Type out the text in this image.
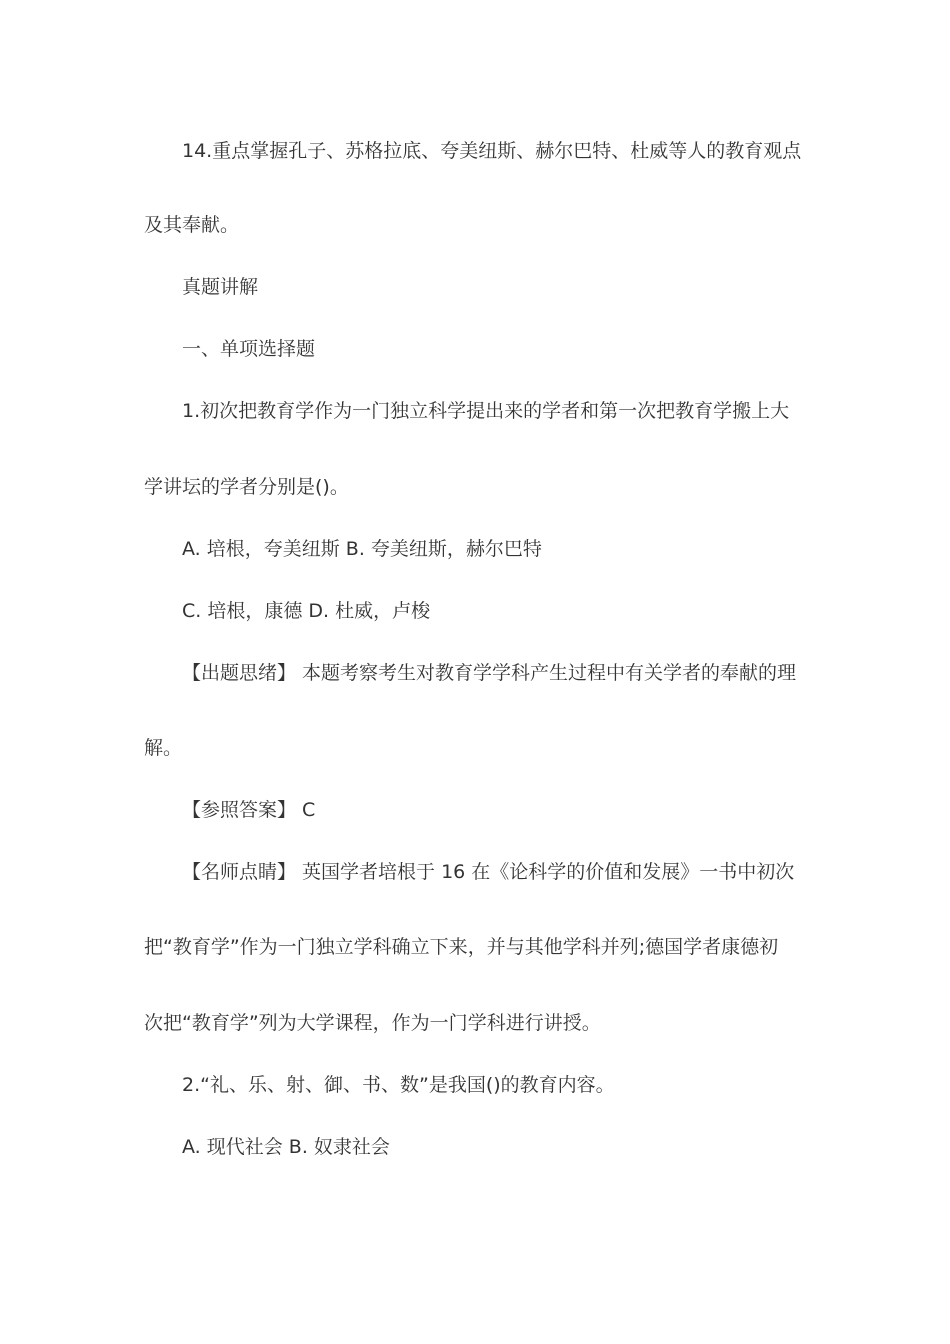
14.重点掌握孔子、苏格拉底、夸美纽斯、赫尔巴特、杜威等人的教育观点
及其奉献。
真题讲解
一、单项选择题
1.初次把教育学作为一门独立科学提出来的学者和第一次把教育学搬上大
学讲坛的学者分别是()。
A. 培根，夸美纽斯 B. 夸美纽斯，赫尔巴特
C. 培根，康德 D. 杜威，卢梭
【出题思绪】 本题考察考生对教育学学科产生过程中有关学者的奉献的理
解。
【参照答案】 C
【名师点睛】 英国学者培根于 16 在《论科学的价值和发展》一书中初次
把“教育学”作为一门独立学科确立下来，并与其他学科并列;德国学者康德初
次把“教育学”列为大学课程，作为一门学科进行讲授。
2.“礼、乐、射、御、书、数”是我国()的教育内容。
A. 现代社会 B. 奴隶社会
